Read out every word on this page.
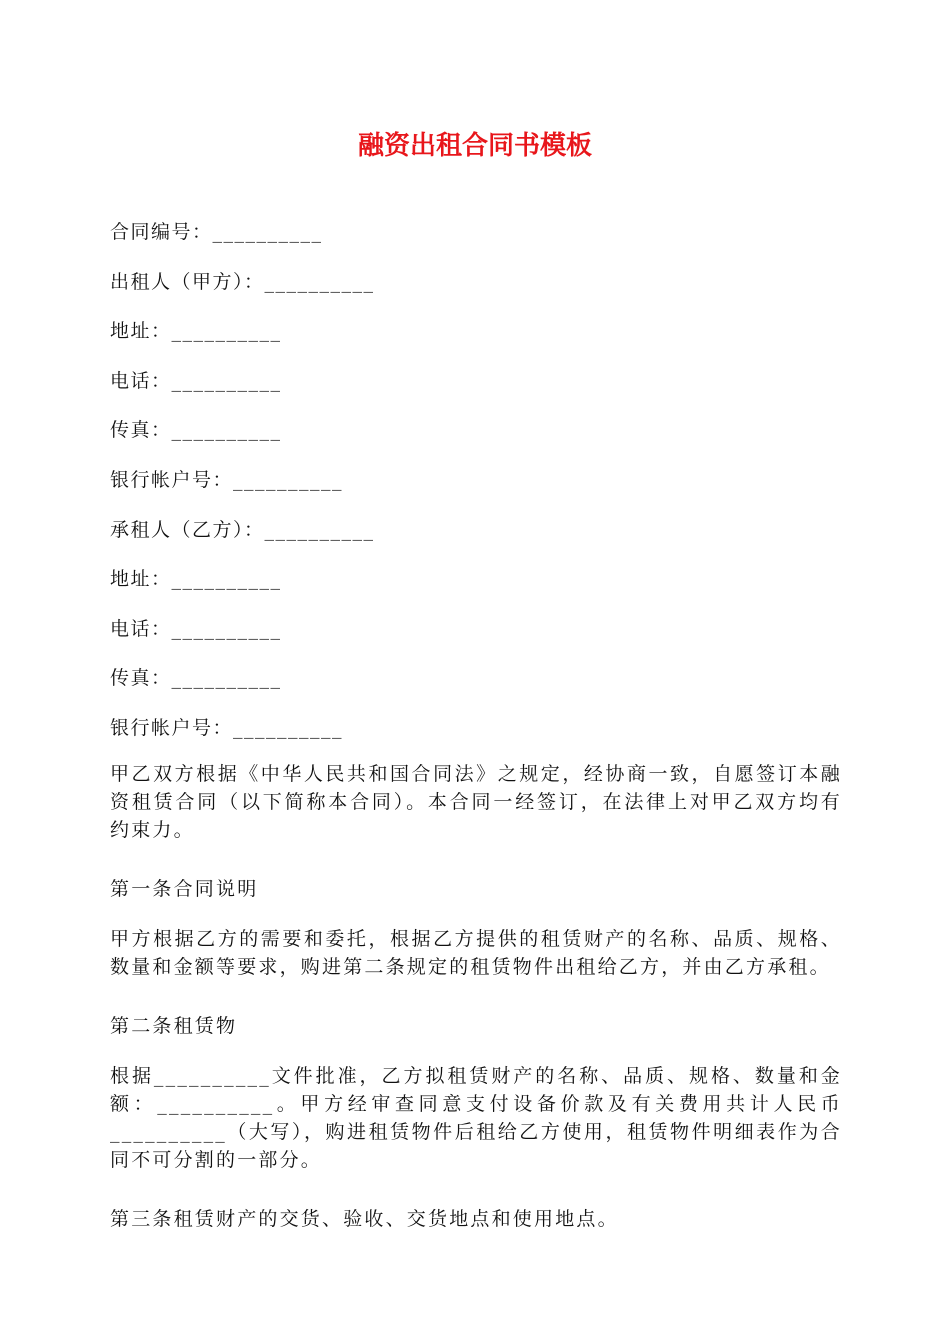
融资出租合同书模板
合同编号：__________
出租人（甲方）：__________
地址：__________
电话：__________
传真：__________
银行帐户号：__________
承租人（乙方）：__________
地址：__________
电话：__________
传真：__________
银行帐户号：__________

甲乙双方根据《中华人民共和国合同法》之规定，经协商一致，自愿签订本融资租赁合同（以下简称本合同）。本合同一经签订，在法律上对甲乙双方均有约束力。

第一条合同说明

甲方根据乙方的需要和委托，根据乙方提供的租赁财产的名称、品质、规格、数量和金额等要求，购进第二条规定的租赁物件出租给乙方，并由乙方承租。

第二条租赁物

根据__________文件批准，乙方拟租赁财产的名称、品质、规格、数量和金额：__________。甲方经审查同意支付设备价款及有关费用共计人民币__________（大写），购进租赁物件后租给乙方使用，租赁物件明细表作为合同不可分割的一部分。

第三条租赁财产的交货、验收、交货地点和使用地点。
